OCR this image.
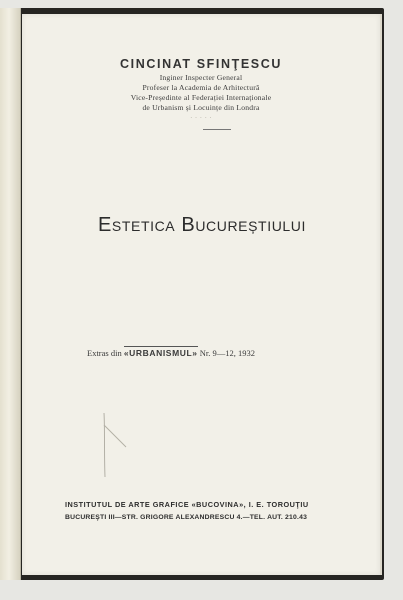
CINCINAT SFINŢESCU
Inginer Inspecter General
Profeser la Academia de Arhitectură
Vice-Președinte al Federației Internaționale
de Urbanism și Locuințe din Londra
· · · · ·
Estetica Bucureștiului
Extras din «URBANISMUL» Nr. 9—12, 1932
INSTITUTUL DE ARTE GRAFICE «BUCOVINA», I. E. TOROUŢIU
BUCUREŞTI III—STR. GRIGORE ALEXANDRESCU 4.—TEL. AUT. 210.43
